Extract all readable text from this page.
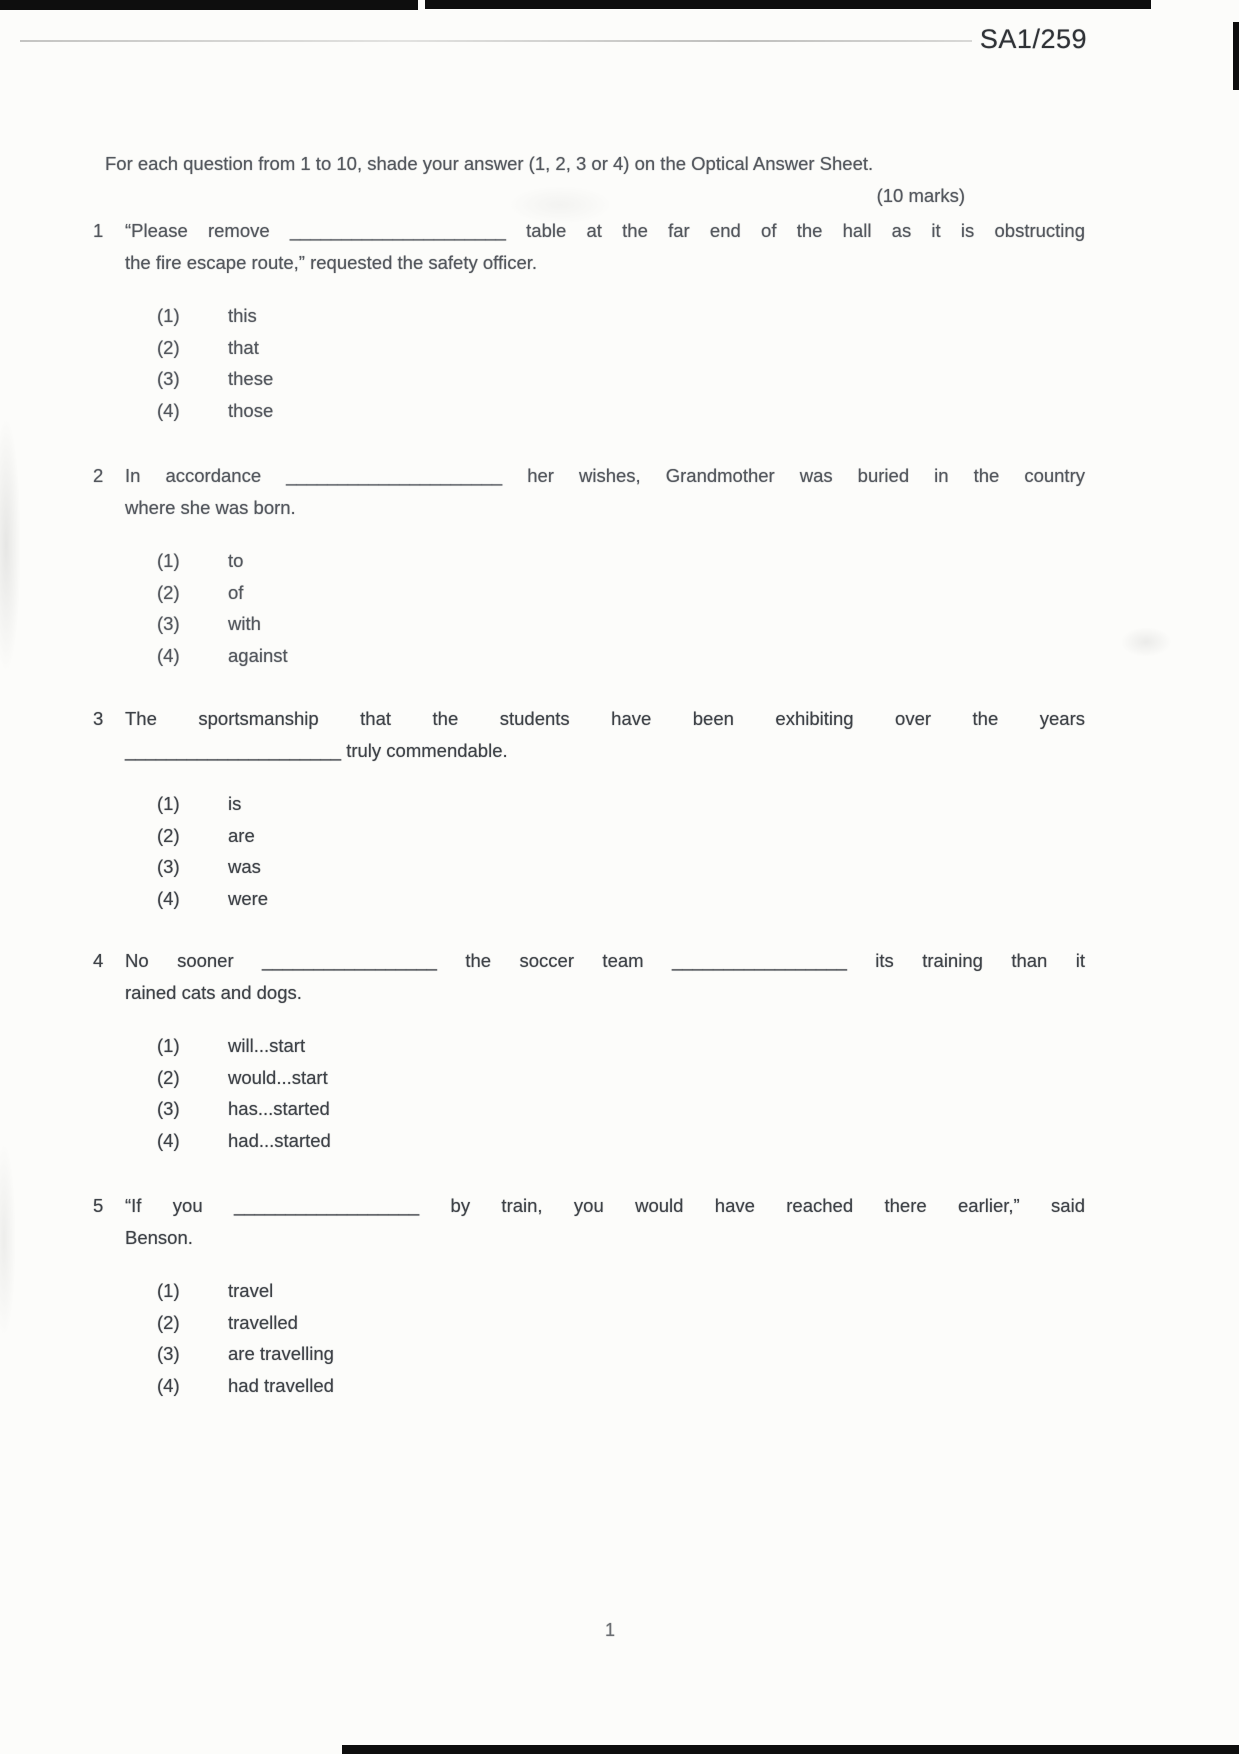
SA1/259
For each question from 1 to 10, shade your answer (1, 2, 3 or 4) on the Optical Answer Sheet.
(10 marks)
1 “Please remove _____________________ table at the far end of the hall as it is obstructing
the fire escape route,” requested the safety officer.
(1)	this
(2)	that
(3)	these
(4)	those
2 In accordance _____________________ her wishes, Grandmother was buried in the country
where she was born.
(1)	to
(2)	of
(3)	with
(4)	against
3 The sportsmanship that the students have been exhibiting over the years
_____________________ truly commendable.
(1)	is
(2)	are
(3)	was
(4)	were
4 No sooner _________________ the soccer team _________________ its training than it
rained cats and dogs.
(1)	will...start
(2)	would...start
(3)	has...started
(4)	had...started
5 “If you __________________ by train, you would have reached there earlier,” said
Benson.
(1)	travel
(2)	travelled
(3)	are travelling
(4)	had travelled
1
